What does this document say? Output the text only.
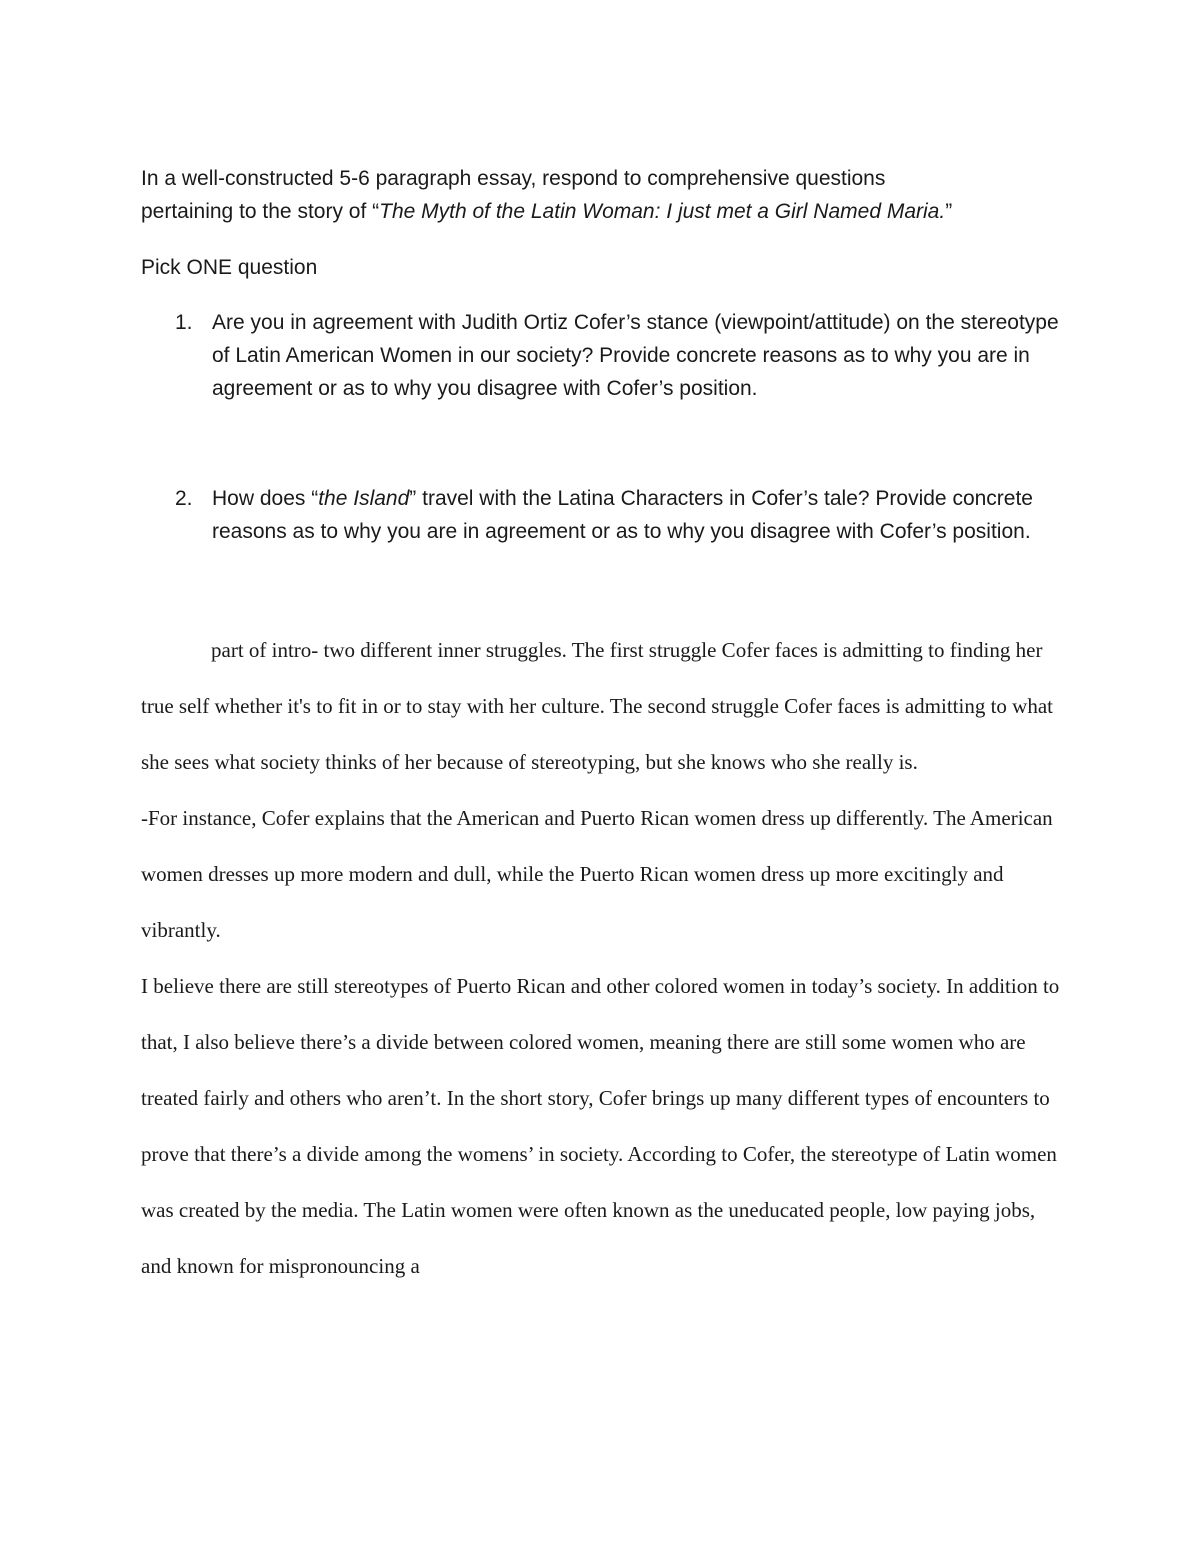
In a well-constructed 5-6 paragraph essay, respond to comprehensive questions
pertaining to the story of “The Myth of the Latin Woman: I just met a Girl Named Maria.”

Pick ONE question

1. Are you in agreement with Judith Ortiz Cofer’s stance (viewpoint/attitude) on the stereotype of Latin American Women in our society? Provide concrete reasons as to why you are in agreement or as to why you disagree with Cofer’s position.
2. How does “the Island” travel with the Latina Characters in Cofer’s tale? Provide concrete reasons as to why you are in agreement or as to why you disagree with Cofer’s position.

part of intro- two different inner struggles. The first struggle Cofer faces is admitting to finding her true self whether it's to fit in or to stay with her culture. The second struggle Cofer faces is admitting to what she sees what society thinks of her because of stereotyping, but she knows who she really is.

-For instance, Cofer explains that the American and Puerto Rican women dress up differently. The American women dresses up more modern and dull, while the Puerto Rican women dress up more excitingly and vibrantly.

I believe there are still stereotypes of Puerto Rican and other colored women in today’s society. In addition to that, I also believe there’s a divide between colored women, meaning there are still some women who are treated fairly and others who aren’t. In the short story, Cofer brings up many different types of encounters to prove that there’s a divide among the womens’ in society. According to Cofer, the stereotype of Latin women was created by the media. The Latin women were often known as the uneducated people, low paying jobs, and known for mispronouncing a
